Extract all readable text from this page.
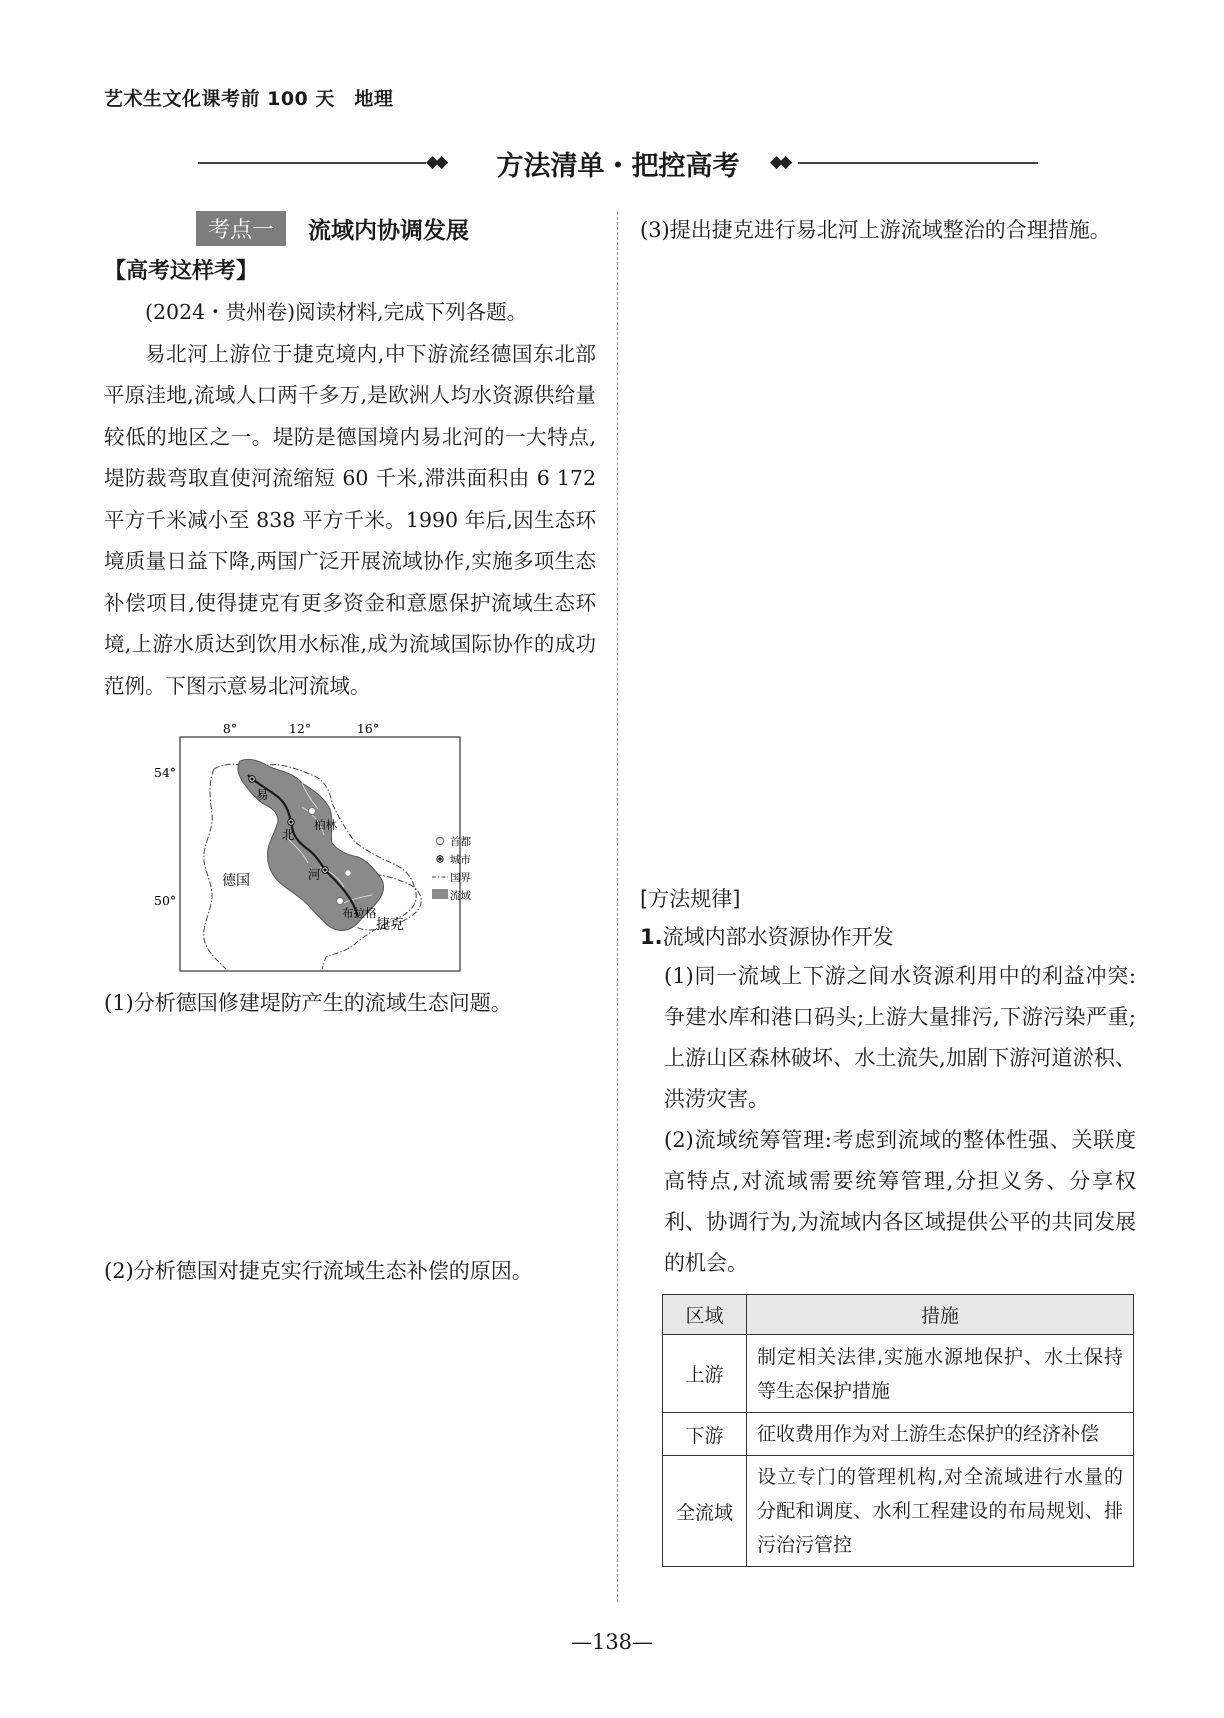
艺术生文化课考前 100 天　地理
◆◆	方法清单・把控高考	◆◆
考点一	流域内协调发展
【高考这样考】

(2024・贵州卷)阅读材料,完成下列各题。

易北河上游位于捷克境内,中下游流经德国东北部平原洼地,流域人口两千多万,是欧洲人均水资源供给量较低的地区之一。堤防是德国境内易北河的一大特点,堤防裁弯取直使河流缩短 60 千米,滞洪面积由 6 172 平方千米减小至 838 平方千米。1990 年后,因生态环境质量日益下降,两国广泛开展流域协作,实施多项生态补偿项目,使得捷克有更多资金和意愿保护流域生态环境,上游水质达到饮用水标准,成为流域国际协作的成功范例。下图示意易北河流域。

8°	12°	16°
54°
50°
易
北
河
柏林
布拉格
德国
捷克
首都
城市
国界
流域

(1)分析德国修建堤防产生的流域生态问题。

(2)分析德国对捷克实行流域生态补偿的原因。

(3)提出捷克进行易北河上游流域整治的合理措施。

[方法规律]
1.流域内部水资源协作开发

(1)同一流域上下游之间水资源利用中的利益冲突:争建水库和港口码头;上游大量排污,下游污染严重;上游山区森林破坏、水土流失,加剧下游河道淤积、洪涝灾害。

(2)流域统筹管理:考虑到流域的整体性强、关联度高特点,对流域需要统筹管理,分担义务、分享权利、协调行为,为流域内各区域提供公平的共同发展的机会。

区域	措施
上游	制定相关法律,实施水源地保护、水土保持等生态保护措施
下游	征收费用作为对上游生态保护的经济补偿
全流域	设立专门的管理机构,对全流域进行水量的分配和调度、水利工程建设的布局规划、排污治污管控
—138—
